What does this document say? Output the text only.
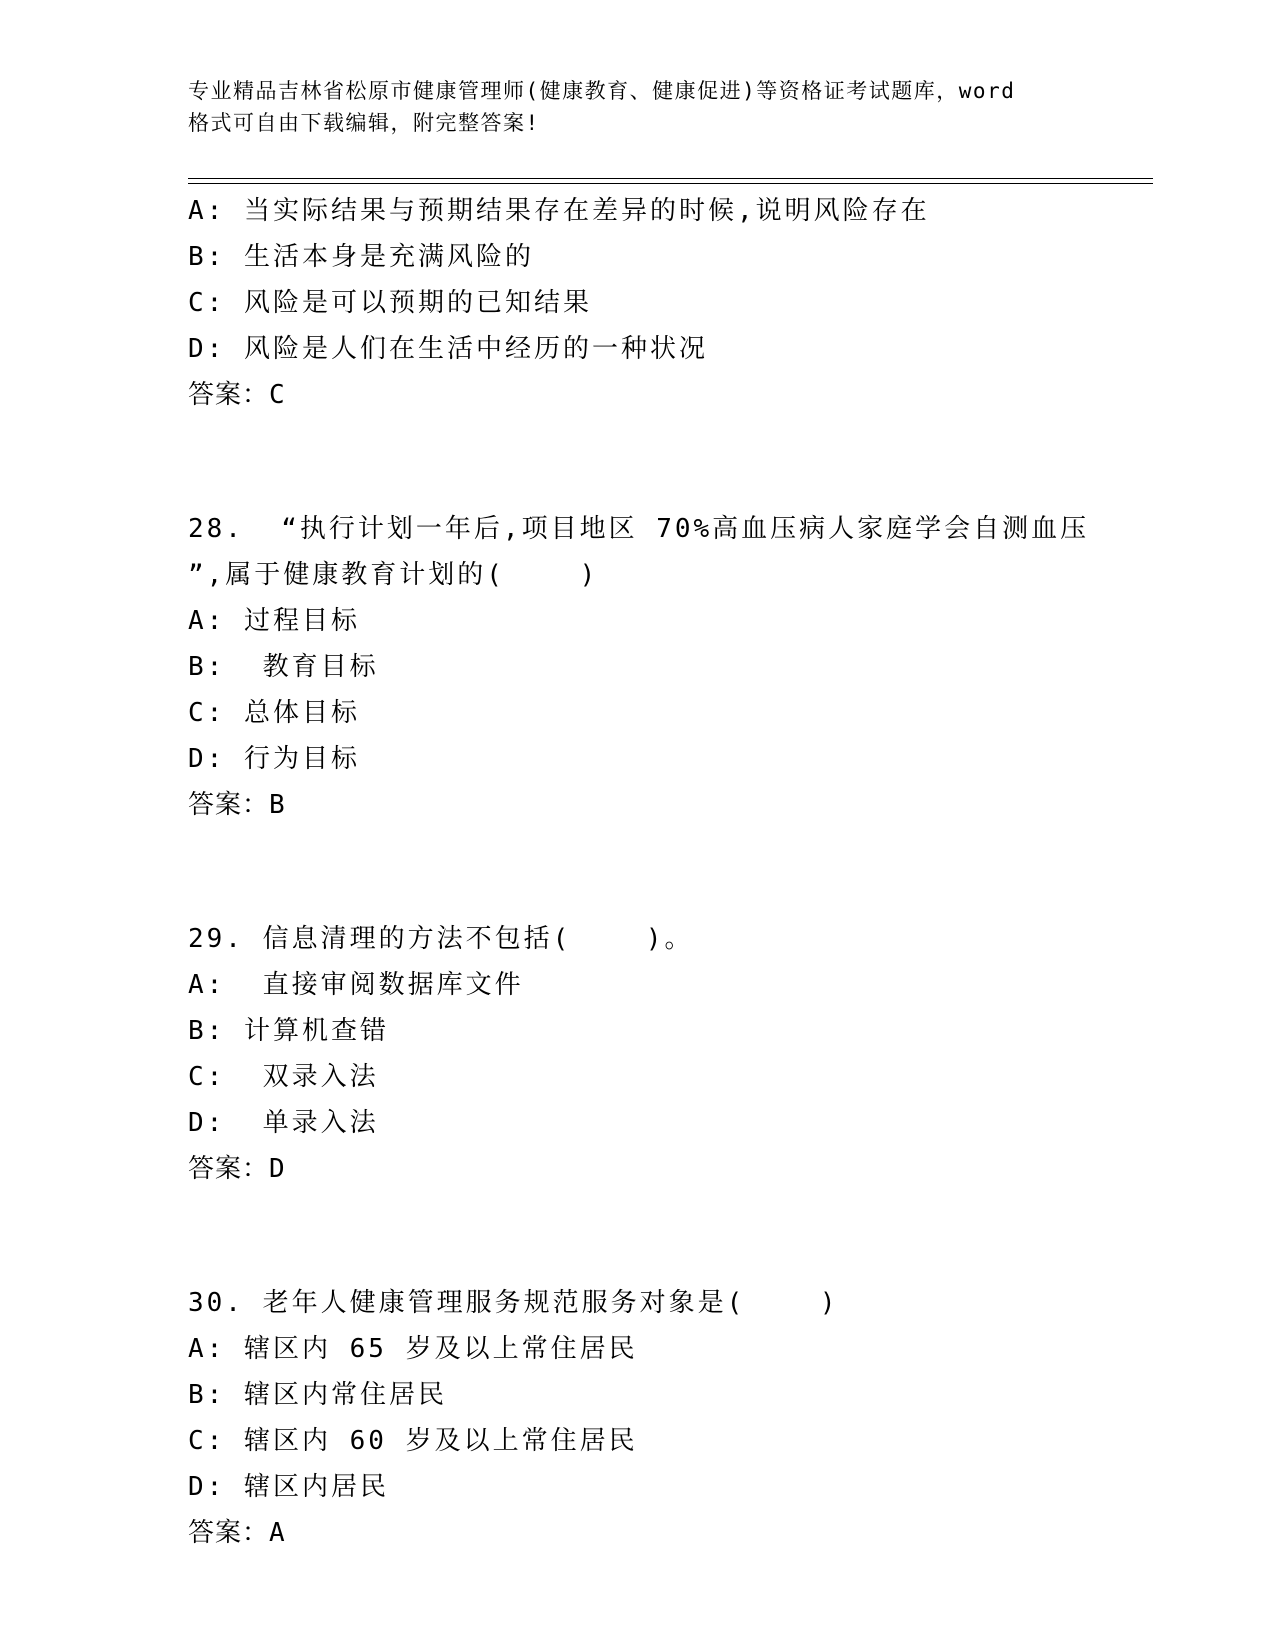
专业精品吉林省松原市健康管理师(健康教育、健康促进)等资格证考试题库，word
格式可自由下载编辑，附完整答案!
A: 当实际结果与预期结果存在差异的时候,说明风险存在
B: 生活本身是充满风险的
C: 风险是可以预期的已知结果
D: 风险是人们在生活中经历的一种状况
答案：C
28.  “执行计划一年后,项目地区 70%高血压病人家庭学会自测血压
”,属于健康教育计划的(    )
A: 过程目标
B:  教育目标
C: 总体目标
D: 行为目标
答案：B
29. 信息清理的方法不包括(    )。
A:  直接审阅数据库文件
B: 计算机查错
C:  双录入法
D:  单录入法
答案：D
30. 老年人健康管理服务规范服务对象是(    )
A: 辖区内 65 岁及以上常住居民
B: 辖区内常住居民
C: 辖区内 60 岁及以上常住居民
D: 辖区内居民
答案：A
